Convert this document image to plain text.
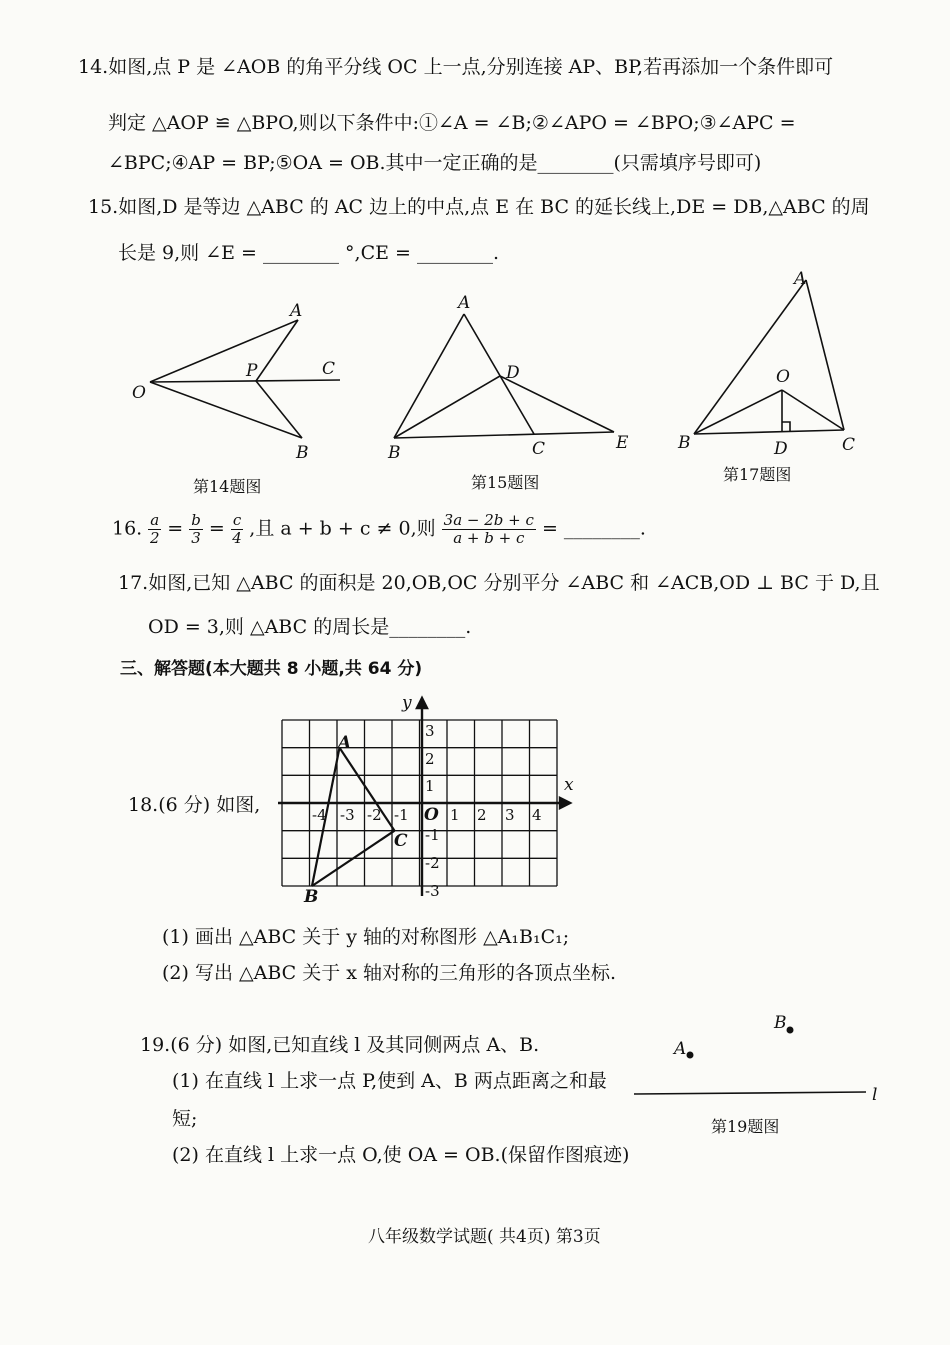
14.如图,点 P 是 ∠AOB 的角平分线 OC 上一点,分别连接 AP、BP,若再添加一个条件即可
判定 △AOP ≌ △BPO,则以下条件中:①∠A = ∠B;②∠APO = ∠BPO;③∠APC =
∠BPC;④AP = BP;⑤OA = OB.其中一定正确的是________(只需填序号即可)
15.如图,D 是等边 △ABC 的 AC 边上的中点,点 E 在 BC 的延长线上,DE = DB,△ABC 的周
长是 9,则 ∠E = ________ °,CE = ________.
O
A
P	C
B
第14题图
A
D
B	C	E
第15题图
A
O
B	D	C
第17题图
16. $\frac{a}{2} = \frac{b}{3} = \frac{c}{4}$ ,且 a + b + c ≠ 0,则 $\frac{3a - 2b + c}{a + b + c}$ = ________.
17.如图,已知 △ABC 的面积是 20,OB,OC 分别平分 ∠ABC 和 ∠ACB,OD ⊥ BC 于 D,且
OD = 3,则 △ABC 的周长是________.
三、解答题(本大题共 8 小题,共 64 分)
18.(6 分) 如图,
x
y
O
-4 -3 -2 -1	1 2 3 4
3
2
1
-1
-2
-3
A
B
C
(1) 画出 △ABC 关于 y 轴的对称图形 △A₁B₁C₁;
(2) 写出 △ABC 关于 x 轴对称的三角形的各顶点坐标.
19.(6 分) 如图,已知直线 l 及其同侧两点 A、B.
(1) 在直线 l 上求一点 P,使到 A、B 两点距离之和最
短;
(2) 在直线 l 上求一点 O,使 OA = OB.(保留作图痕迹)
A
B
l
第19题图
八年级数学试题( 共4页) 第3页
